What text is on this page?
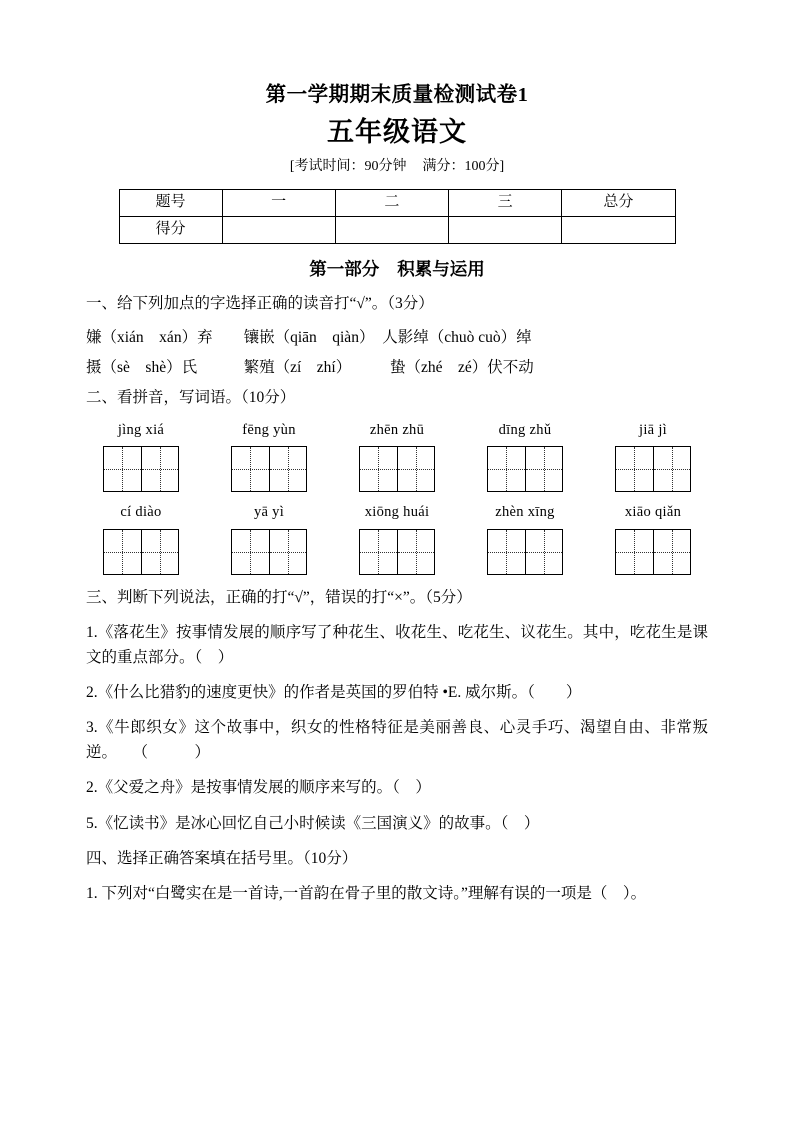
第一学期期末质量检测试卷1
五年级语文
[考试时间：90分钟 满分：100分]
题号	一	二	三	总分
得分				
第一部分 积累与运用
一、给下列加点的字选择正确的读音打“√”。（3分）
嫌（xián　xán）弃　　镶嵌（qiān　qiàn）　人影绰（chuò cuò）绰
摄（sè　shè）氏　　　繁殖（zí　zhí）　　　蛰（zhé　zé）伏不动
二、看拼音，写词语。（10分）
jìng xiá	fēng yùn	zhēn zhū	dīng zhǔ	jiā jì
cí diào	yā yì	xiōng huái	zhèn xīng	xiāo qiǎn
三、判断下列说法，正确的打“√”，错误的打“×”。（5分）
1.《落花生》按事情发展的顺序写了种花生、收花生、吃花生、议花生。其中，吃花生是课文的重点部分。（　）
2.《什么比猎豹的速度更快》的作者是英国的罗伯特 •E. 威尔斯。（　　）
3.《牛郎织女》这个故事中，织女的性格特征是美丽善良、心灵手巧、渴望自由、非常叛逆。　　（　　　）
2.《父爱之舟》是按事情发展的顺序来写的。（　）
5.《忆读书》是冰心回忆自己小时候读《三国演义》的故事。（　）
四、选择正确答案填在括号里。（10分）
1. 下列对“白鹭实在是一首诗,一首韵在骨子里的散文诗。”理解有误的一项是（　）。
